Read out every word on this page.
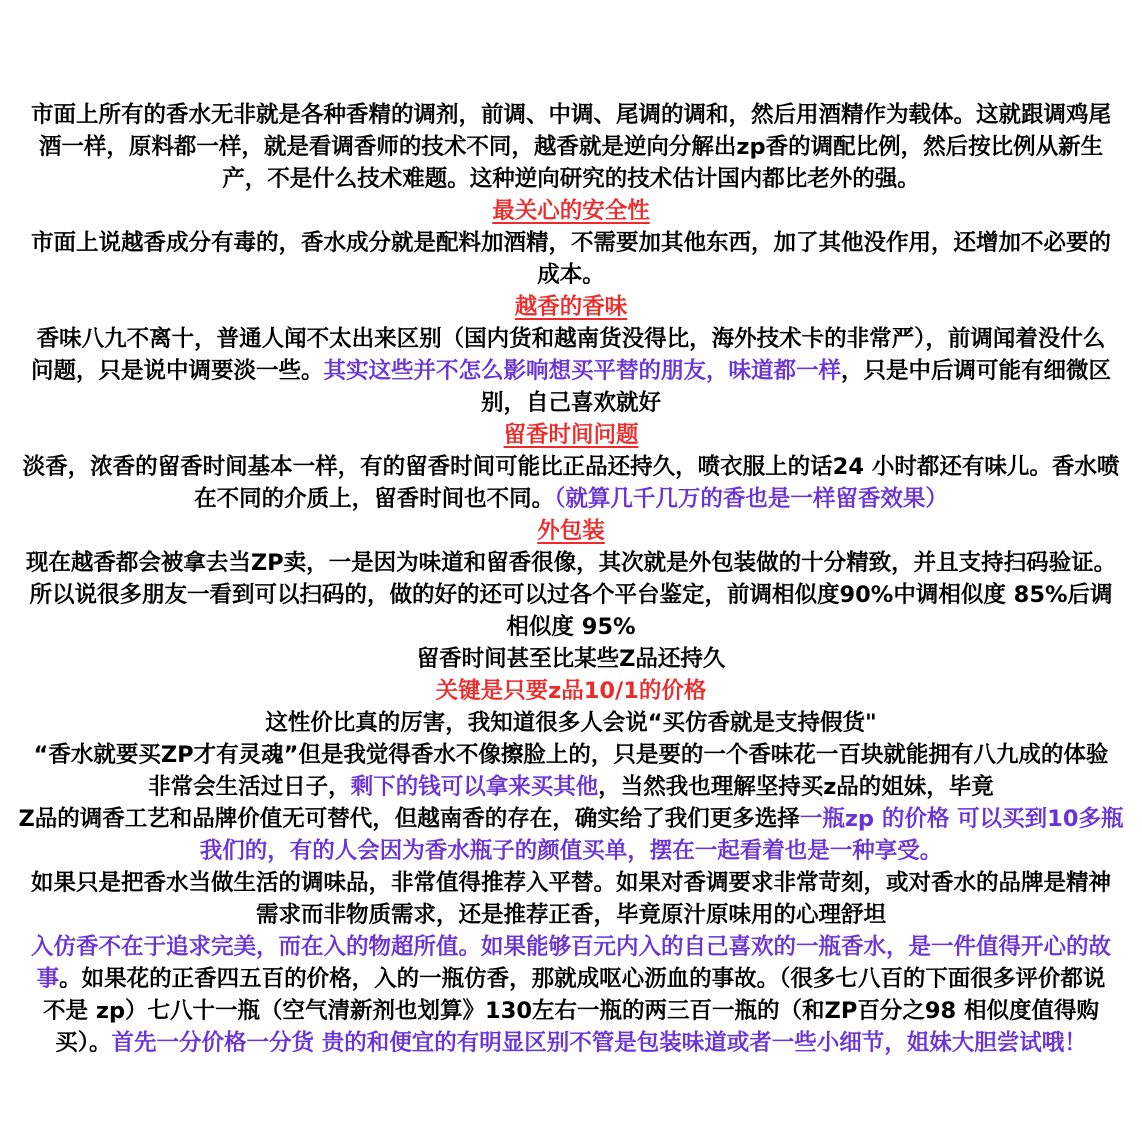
市面上所有的香水无非就是各种香精的调剂，前调、中调、尾调的调和，然后用酒精作为载体。这就跟调鸡尾
酒一样，原料都一样，就是看调香师的技术不同，越香就是逆向分解出zp香的调配比例，然后按比例从新生
产，不是什么技术难题。这种逆向研究的技术估计国内都比老外的强。
最关心的安全性
市面上说越香成分有毒的，香水成分就是配料加酒精，不需要加其他东西，加了其他没作用，还增加不必要的
成本。
越香的香味
香味八九不离十，普通人闻不太出来区别（国内货和越南货没得比，海外技术卡的非常严），前调闻着没什么
问题，只是说中调要淡一些。其实这些并不怎么影响想买平替的朋友，味道都一样，只是中后调可能有细微区
别，自己喜欢就好
留香时间问题
淡香，浓香的留香时间基本一样，有的留香时间可能比正品还持久，喷衣服上的话24 小时都还有味儿。香水喷
在不同的介质上，留香时间也不同。（就算几千几万的香也是一样留香效果）
外包装
现在越香都会被拿去当ZP卖，一是因为味道和留香很像，其次就是外包装做的十分精致，并且支持扫码验证。
所以说很多朋友一看到可以扫码的，做的好的还可以过各个平台鉴定，前调相似度90%中调相似度 85%后调
相似度 95%
留香时间甚至比某些Z品还持久
关键是只要z品10/1的价格
这性价比真的厉害，我知道很多人会说“买仿香就是支持假货"
“香水就要买ZP才有灵魂”但是我觉得香水不像擦脸上的，只是要的一个香味花一百块就能拥有八九成的体验
非常会生活过日子，剩下的钱可以拿来买其他，当然我也理解坚持买z品的姐妹，毕竟
Z品的调香工艺和品牌价值无可替代，但越南香的存在，确实给了我们更多选择一瓶zp 的价格 可以买到10多瓶
我们的，有的人会因为香水瓶子的颜值买单，摆在一起看着也是一种享受。
如果只是把香水当做生活的调味品，非常值得推荐入平替。如果对香调要求非常苛刻，或对香水的品牌是精神
需求而非物质需求，还是推荐正香，毕竟原汁原味用的心理舒坦
入仿香不在于追求完美，而在入的物超所值。如果能够百元内入的自己喜欢的一瓶香水，是一件值得开心的故
事。如果花的正香四五百的价格，入的一瓶仿香，那就成呕心沥血的事故。（很多七八百的下面很多评价都说
不是 zp）七八十一瓶（空气清新剂也划算》130左右一瓶的两三百一瓶的（和ZP百分之98 相似度值得购
买）。首先一分价格一分货 贵的和便宜的有明显区别不管是包装味道或者一些小细节，姐妹大胆尝试哦！
